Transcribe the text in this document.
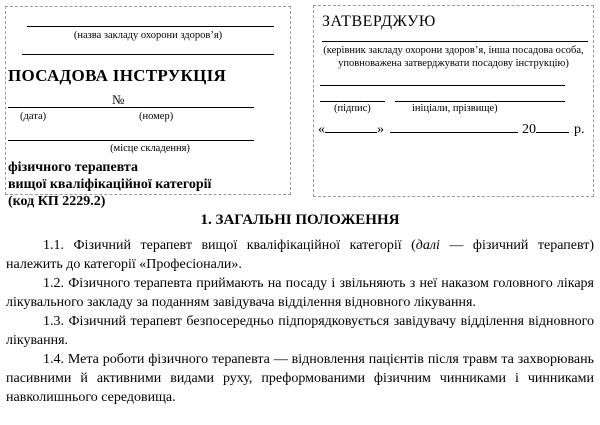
(назва закладу охорони здоров’я)
ПОСАДОВА ІНСТРУКЦІЯ
№
(дата)	(номер)
(місце складення)
фізичного терапевта
вищої кваліфікаційної категорії
(код КП 2229.2)
ЗАТВЕРДЖУЮ
(керівник закладу охорони здоров’я, інша посадова особа,
уповноважена затверджувати посадову інструкцію)
(підпис)	ініціали, прізвище)
«	»	20	р.
1. ЗАГАЛЬНІ ПОЛОЖЕННЯ

1.1. Фізичний терапевт вищої кваліфікаційної категорії (далі — фізичний терапевт) належить до категорії «Професіонали».

1.2. Фізичного терапевта приймають на посаду і звільняють з неї наказом головного лікаря лікувального закладу за поданням завідувача відділення відновного лікування.

1.3. Фізичний терапевт безпосередньо підпорядковується завідувачу відділення відновного лікування.

1.4. Мета роботи фізичного терапевта — відновлення пацієнтів після травм та захворювань пасивними й активними видами руху, преформованими фізичним чинниками і чинниками навколишнього середовища.
